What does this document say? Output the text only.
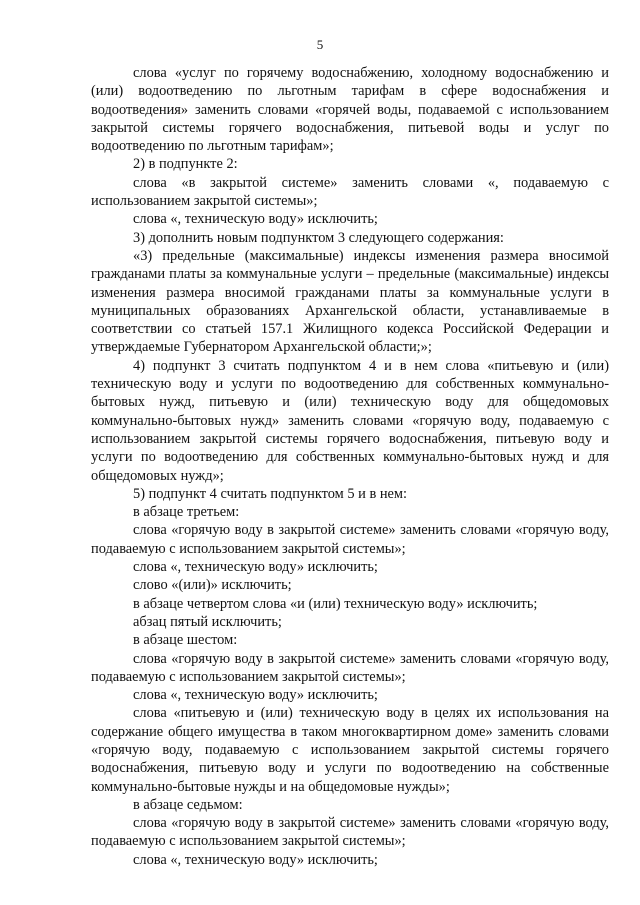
5

слова «услуг по горячему водоснабжению, холодному водоснабжению и (или) водоотведению по льготным тарифам в сфере водоснабжения и водоотведения» заменить словами «горячей воды, подаваемой с использованием закрытой системы горячего водоснабжения, питьевой воды и услуг по водоотведению по льготным тарифам»;

2) в подпункте 2:

слова «в закрытой системе» заменить словами «, подаваемую с использованием закрытой системы»;

слова «, техническую воду» исключить;

3) дополнить новым подпунктом 3 следующего содержания:

«3) предельные (максимальные) индексы изменения размера вносимой гражданами платы за коммунальные услуги – предельные (максимальные) индексы изменения размера вносимой гражданами платы за коммунальные услуги в муниципальных образованиях Архангельской области, устанавливаемые в соответствии со статьей 157.1 Жилищного кодекса Российской Федерации и утверждаемые Губернатором Архангельской области;»;

4) подпункт 3 считать подпунктом 4 и в нем слова «питьевую и (или) техническую воду и услуги по водоотведению для собственных коммунально-бытовых нужд, питьевую и (или) техническую воду для общедомовых коммунально-бытовых нужд» заменить словами «горячую воду, подаваемую с использованием закрытой системы горячего водоснабжения, питьевую воду и услуги по водоотведению для собственных коммунально-бытовых нужд и для общедомовых нужд»;

5) подпункт 4 считать подпунктом 5 и в нем:

в абзаце третьем:

слова «горячую воду в закрытой системе» заменить словами «горячую воду, подаваемую с использованием закрытой системы»;

слова «, техническую воду» исключить;

слово «(или)» исключить;

в абзаце четвертом слова «и (или) техническую воду» исключить;

абзац пятый исключить;

в абзаце шестом:

слова «горячую воду в закрытой системе» заменить словами «горячую воду, подаваемую с использованием закрытой системы»;

слова «, техническую воду» исключить;

слова «питьевую и (или) техническую воду в целях их использования на содержание общего имущества в таком многоквартирном доме» заменить словами «горячую воду, подаваемую с использованием закрытой системы горячего водоснабжения, питьевую воду и услуги по водоотведению на собственные коммунально-бытовые нужды и на общедомовые нужды»;

в абзаце седьмом:

слова «горячую воду в закрытой системе» заменить словами «горячую воду, подаваемую с использованием закрытой системы»;

слова «, техническую воду» исключить;
